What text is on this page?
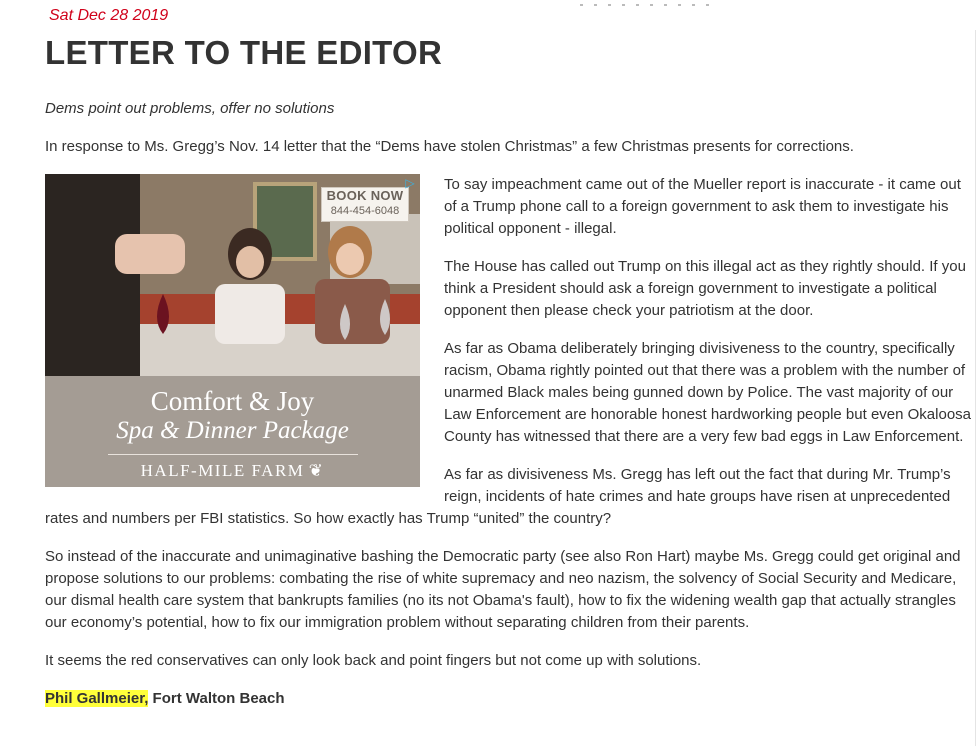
Sat Dec 28 2019
LETTER TO THE EDITOR

Dems point out problems, offer no solutions

In response to Ms. Gregg’s Nov. 14 letter that the “Dems have stolen Christmas” a few Christmas presents for corrections.

BOOK NOW
844-454-6048
▷
Comfort & Joy
Spa & Dinner Package
HALF-MILE FARM ❦

To say impeachment came out of the Mueller report is inaccurate - it came out of a Trump phone call to a foreign government to ask them to investigate his political opponent - illegal.

The House has called out Trump on this illegal act as they rightly should. If you think a President should ask a foreign government to investigate a political opponent then please check your patriotism at the door.

As far as Obama deliberately bringing divisiveness to the country, specifically racism, Obama rightly pointed out that there was a problem with the number of unarmed Black males being gunned down by Police. The vast majority of our Law Enforcement are honorable honest hardworking people but even Okaloosa County has witnessed that there are a very few bad eggs in Law Enforcement.

As far as divisiveness Ms. Gregg has left out the fact that during Mr. Trump’s reign, incidents of hate crimes and hate groups have risen at unprecedented rates and numbers per FBI statistics. So how exactly has Trump “united” the country?

So instead of the inaccurate and unimaginative bashing the Democratic party (see also Ron Hart) maybe Ms. Gregg could get original and propose solutions to our problems: combating the rise of white supremacy and neo nazism, the solvency of Social Security and Medicare, our dismal health care system that bankrupts families (no its not Obama's fault), how to fix the widening wealth gap that actually strangles our economy’s potential, how to fix our immigration problem without separating children from their parents.

It seems the red conservatives can only look back and point fingers but not come up with solutions.

Phil Gallmeier, Fort Walton Beach
